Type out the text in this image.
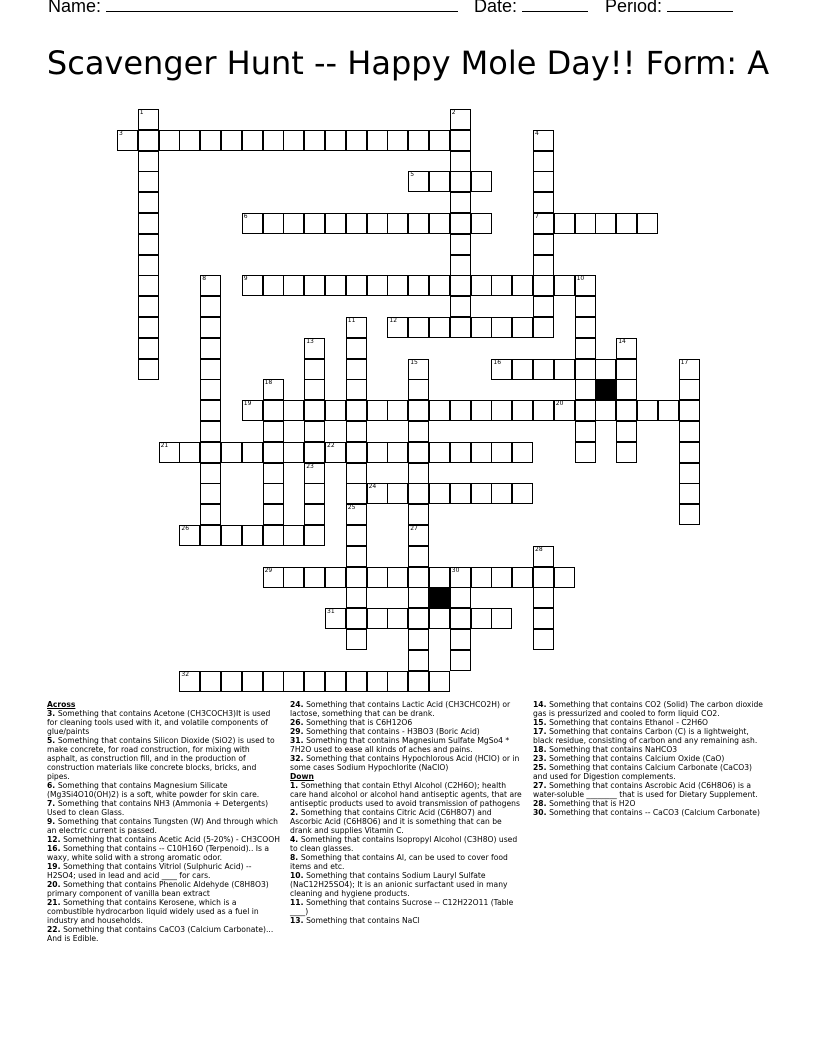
Name:	Date:	Period:
Scavenger Hunt -- Happy Mole Day!! Form: A
3
1	2
4
7
5
6
8	9	10
11
25
12
13
23
14
15
27
16	17
18
19	20
21	22
24
26
28
29	30
31
32
Across

3. Something that contains Acetone (CH3COCH3)It is used for cleaning tools used with it, and volatile components of glue/paints

5. Something that contains Silicon Dioxide (SiO2) is used to make concrete, for road construction, for mixing with asphalt, as construction fill, and in the production of construction materials like concrete blocks, bricks, and pipes.

6. Something that contains Magnesium Silicate (Mg3Si4O10(OH)2) is a soft, white powder for skin care.

7. Something that contains NH3 (Ammonia + Detergents) Used to clean Glass.

9. Something that contains Tungsten (W) And through which an electric current is passed.

12. Something that contains Acetic Acid (5-20%) - CH3COOH

16. Something that contains -- C10H16O (Terpenoid).. Is a waxy, white solid with a strong aromatic odor.

19. Something that contains Vitriol (Sulphuric Acid) -- H2SO4; used in lead and acid ____ for cars.

20. Something that contains Phenolic Aldehyde (C8H8O3) primary component of vanilla bean extract

21. Something that contains Kerosene, which is a combustible hydrocarbon liquid widely used as a fuel in industry and households.

22. Something that contains CaCO3 (Calcium Carbonate)... And is Edible.

24. Something that contains Lactic Acid (CH3CHCO2H) or lactose, something that can be drank.

26. Something that is C6H12O6

29. Something that contains - H3BO3 (Boric Acid)

31. Something that contains Magnesium Sulfate MgSo4 * 7H2O used to ease all kinds of aches and pains.

32. Something that contains Hypochlorous Acid (HClO) or in some cases Sodium Hypochlorite (NaClO)

Down

1. Something that contain Ethyl Alcohol (C2H6O); health care hand alcohol or alcohol hand antiseptic agents, that are antiseptic products used to avoid transmission of pathogens

2. Something that contains Citric Acid (C6H8O7) and Ascorbic Acid (C6H8O6) and it is something that can be drank and supplies Vitamin C.

4. Something that contains Isopropyl Alcohol (C3H8O) used to clean glasses.

8. Something that contains Al, can be used to cover food items and etc.

10. Something that contains Sodium Lauryl Sulfate (NaC12H25SO4); It is an anionic surfactant used in many cleaning and hygiene products.

11. Something that contains Sucrose -- C12H22O11 (Table ____)

13. Something that contains NaCl

14. Something that contains CO2 (Solid) The carbon dioxide gas is pressurized and cooled to form liquid CO2.

15. Something that contains Ethanol - C2H6O

17. Something that contains Carbon (C) is a lightweight, black residue, consisting of carbon and any remaining ash.

18. Something that contains NaHCO3

23. Something that contains Calcium Oxide (CaO)

25. Something that contains Calcium Carbonate (CaCO3) and used for Digestion complements.

27. Something that contains Ascrobic Acid (C6H8O6) is a water-soluble ________ that is used for Dietary Supplement.

28. Something that is H2O

30. Something that contains -- CaCO3 (Calcium Carbonate)
